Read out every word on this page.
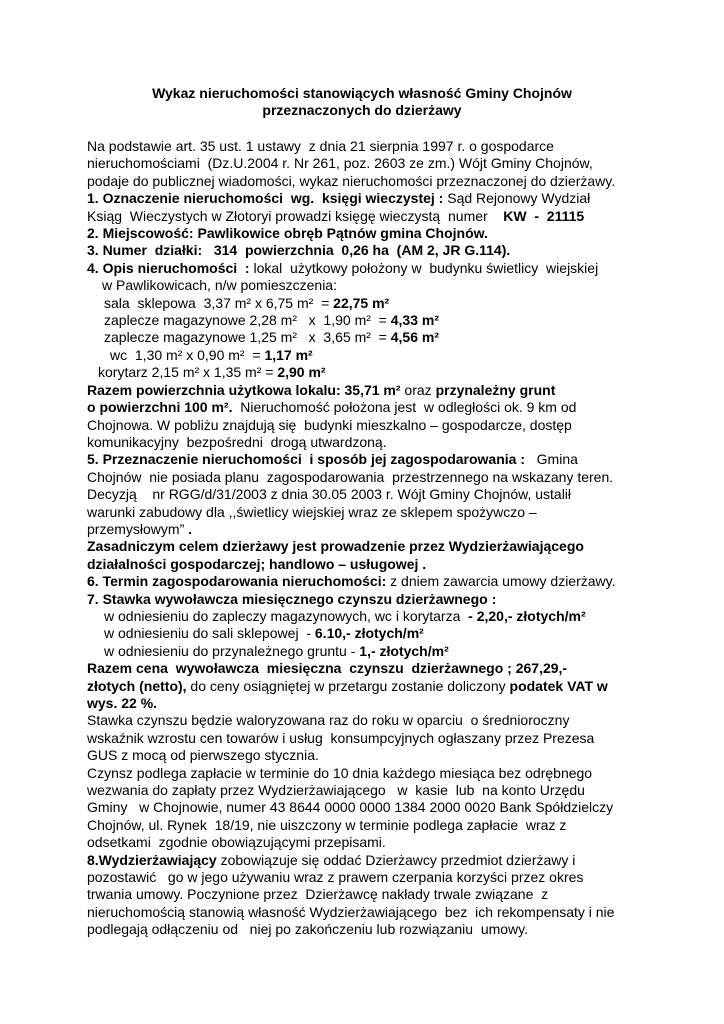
Wykaz nieruchomości stanowiących własność Gminy Chojnów
przeznaczonych do dzierżawy
Na podstawie art. 35 ust. 1 ustawy  z dnia 21 sierpnia 1997 r. o gospodarce
nieruchomościami  (Dz.U.2004 r. Nr 261, poz. 2603 ze zm.) Wójt Gminy Chojnów,
podaje do publicznej wiadomości, wykaz nieruchomości przeznaczonej do dzierżawy.
1. Oznaczenie nieruchomości  wg.  księgi wieczystej : Sąd Rejonowy Wydział
Ksiąg  Wieczystych w Złotoryi prowadzi księgę wieczystą  numer    KW  -  21115
2. Miejscowość: Pawlikowice obręb Pątnów gmina Chojnów.
3. Numer  działki:   314  powierzchnia  0,26 ha  (AM 2, JR G.114).
4. Opis nieruchomości  : lokal  użytkowy położony w  budynku świetlicy  wiejskiej
w Pawlikowicach, n/w pomieszczenia:
sala  sklepowa  3,37 m² x 6,75 m²  = 22,75 m²
zaplecze magazynowe 2,28 m²   x  1,90 m²  = 4,33 m²
zaplecze magazynowe 1,25 m²   x  3,65 m²  = 4,56 m²
wc  1,30 m² x 0,90 m²  = 1,17 m²
korytarz 2,15 m² x 1,35 m² = 2,90 m²
Razem powierzchnia użytkowa lokalu: 35,71 m² oraz przynależny grunt
o powierzchni 100 m².  Nieruchomość położona jest  w odległości ok. 9 km od
Chojnowa. W pobliżu znajdują się  budynki mieszkalno – gospodarcze, dostęp
komunikacyjny  bezpośredni  drogą utwardzoną.
5. Przeznaczenie nieruchomości  i sposób jej zagospodarowania :   Gmina
Chojnów  nie posiada planu  zagospodarowania  przestrzennego na wskazany teren.
Decyzją    nr RGG/d/31/2003 z dnia 30.05 2003 r. Wójt Gminy Chojnów, ustalił
warunki zabudowy dla ,,świetlicy wiejskiej wraz ze sklepem spożywczo –
przemysłowym” .
Zasadniczym celem dzierżawy jest prowadzenie przez Wydzierżawiającego
działalności gospodarczej; handlowo – usługowej .
6. Termin zagospodarowania nieruchomości: z dniem zawarcia umowy dzierżawy.
7. Stawka wywoławcza miesięcznego czynszu dzierżawnego :
w odniesieniu do zapleczy magazynowych, wc i korytarza  - 2,20,- złotych/m²
w odniesieniu do sali sklepowej  - 6.10,- złotych/m²
w odniesieniu do przynależnego gruntu - 1,- złotych/m²
Razem cena  wywoławcza  miesięczna  czynszu  dzierżawnego ; 267,29,-
złotych (netto), do ceny osiągniętej w przetargu zostanie doliczony podatek VAT w
wys. 22 %.
Stawka czynszu będzie waloryzowana raz do roku w oparciu  o średnioroczny
wskaźnik wzrostu cen towarów i usług  konsumpcyjnych ogłaszany przez Prezesa
GUS z mocą od pierwszego stycznia.
Czynsz podlega zapłacie w terminie do 10 dnia każdego miesiąca bez odrębnego
wezwania do zapłaty przez Wydzierżawiającego   w  kasie  lub  na konto Urzędu
Gminy   w Chojnowie, numer 43 8644 0000 0000 1384 2000 0020 Bank Spółdzielczy
Chojnów, ul. Rynek  18/19, nie uiszczony w terminie podlega zapłacie  wraz z
odsetkami  zgodnie obowiązującymi przepisami.
8.Wydzierżawiający zobowiązuje się oddać Dzierżawcy przedmiot dzierżawy i
pozostawić   go w jego używaniu wraz z prawem czerpania korzyści przez okres
trwania umowy. Poczynione przez  Dzierżawcę nakłady trwale związane  z
nieruchomością stanowią własność Wydzierżawiającego  bez  ich rekompensaty i nie
podlegają odłączeniu od   niej po zakończeniu lub rozwiązaniu  umowy.
